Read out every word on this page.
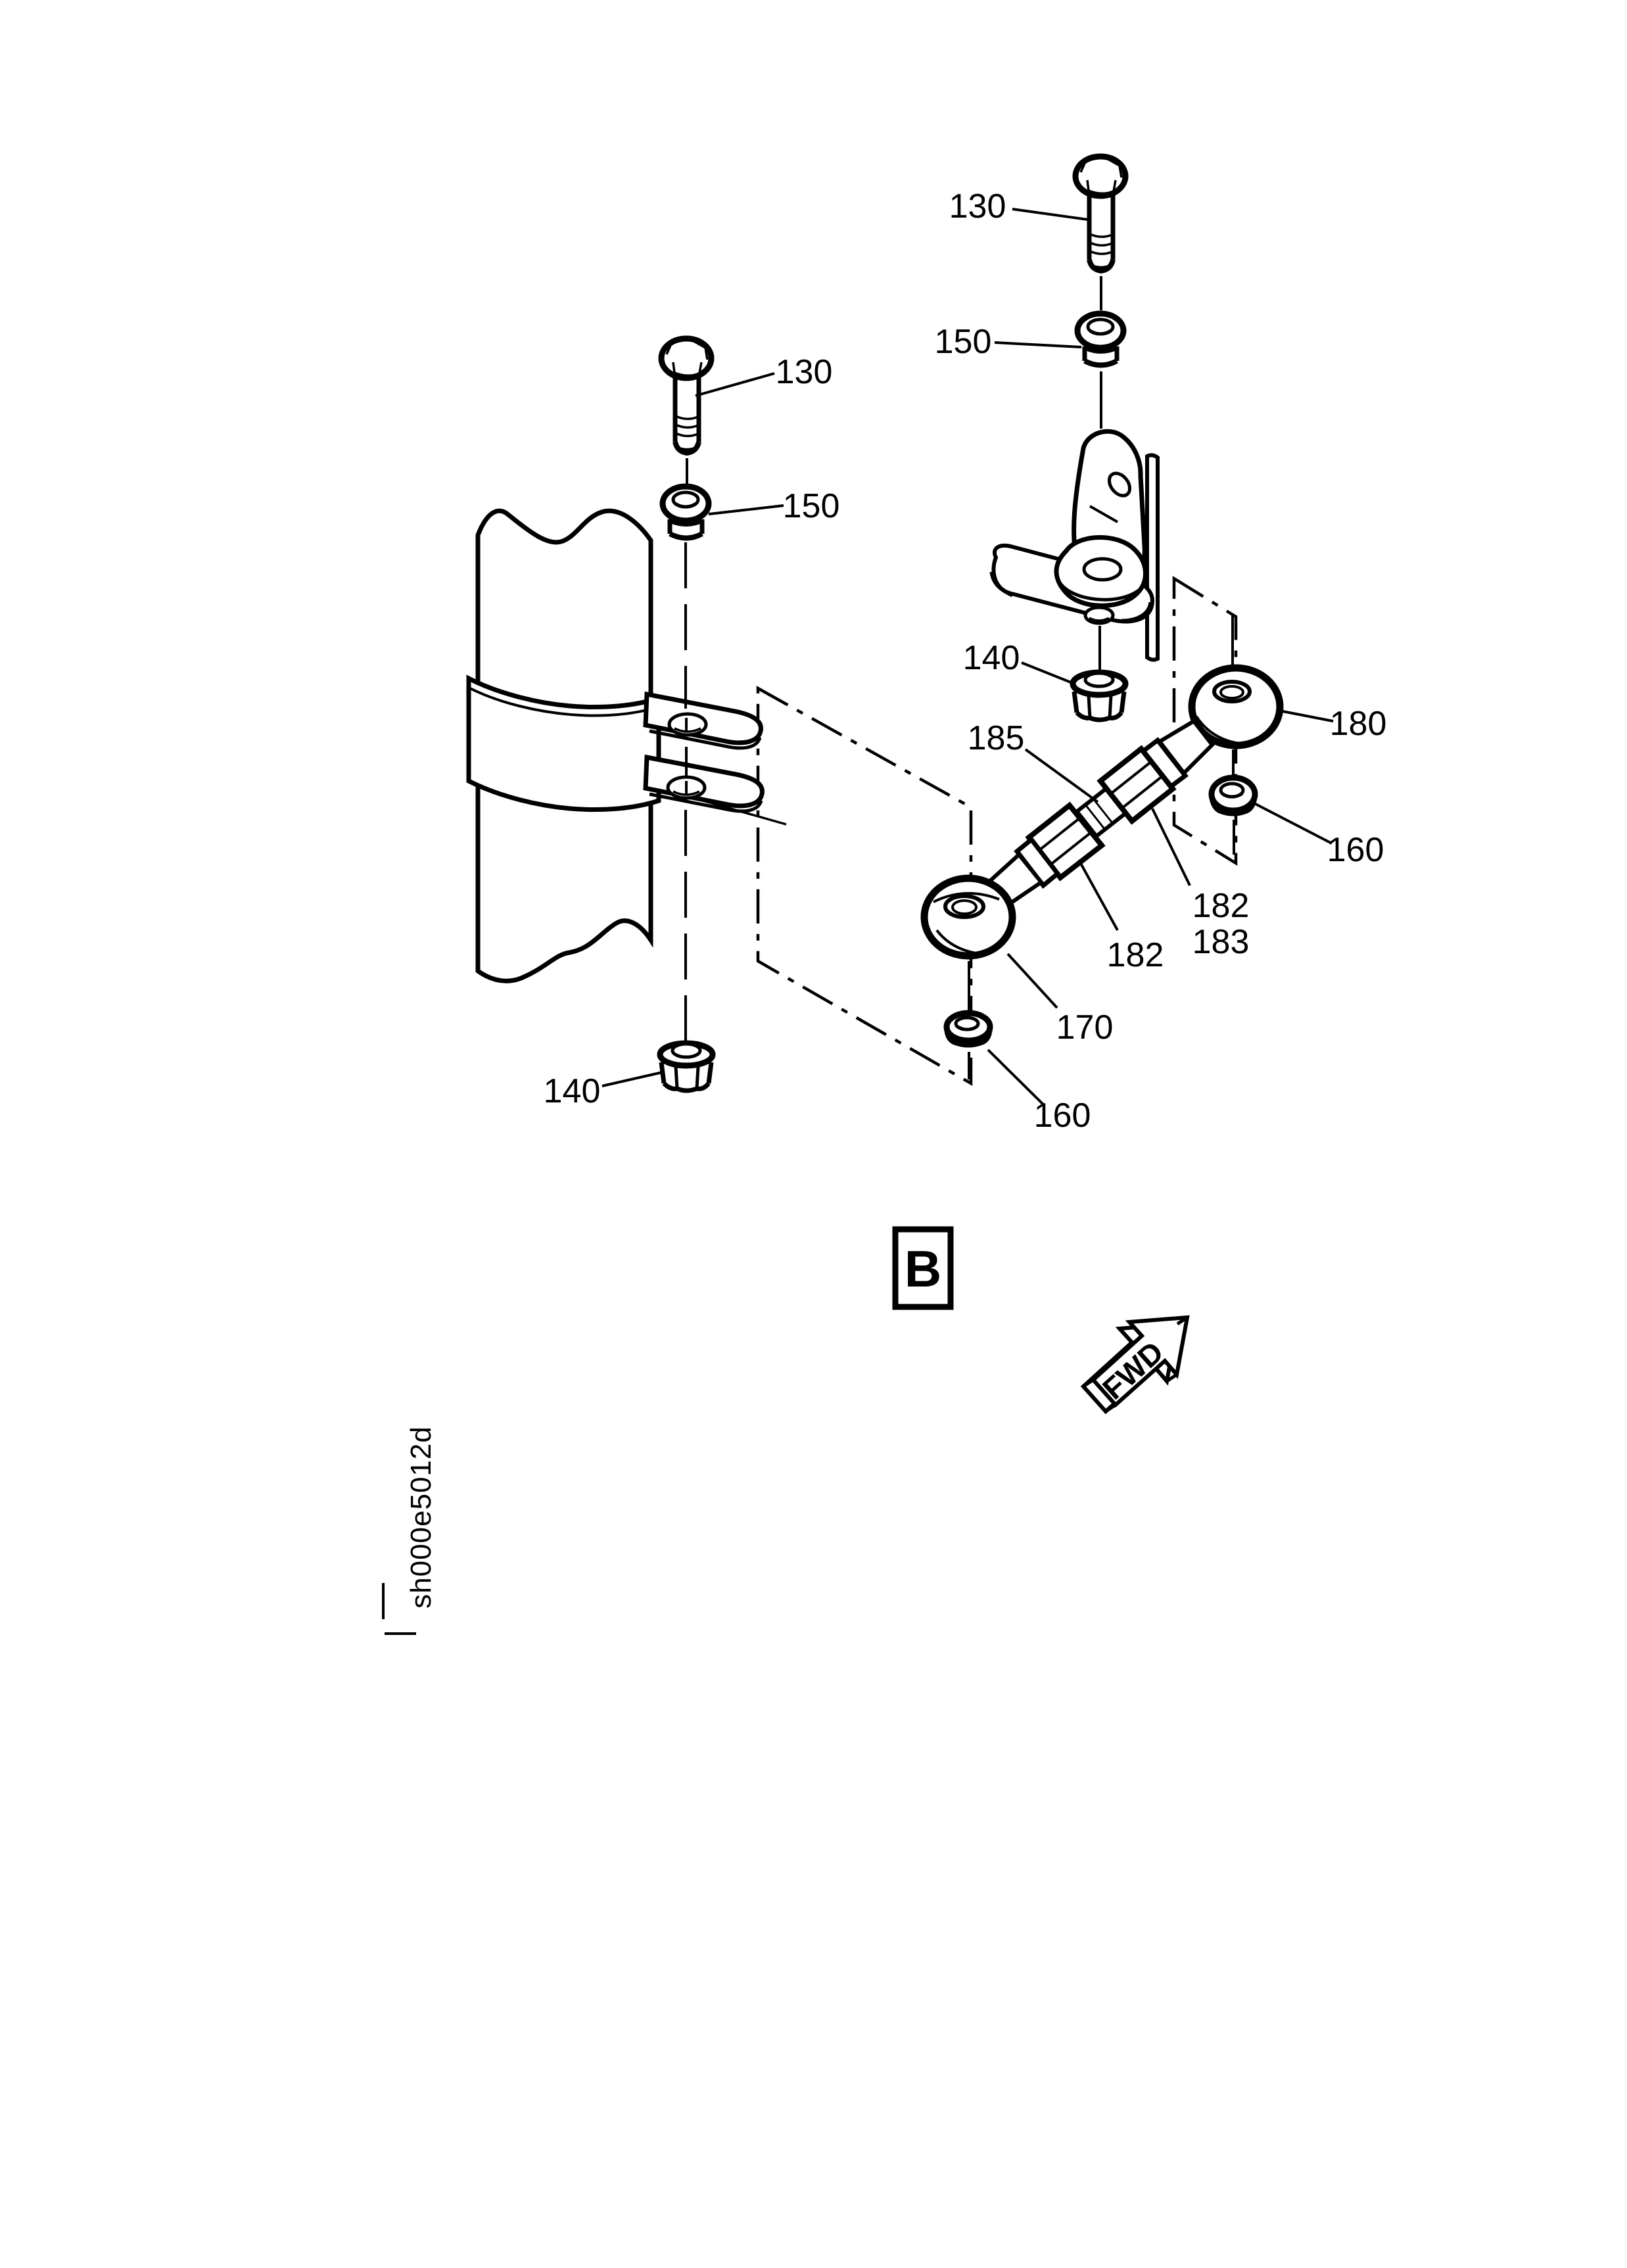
130
150
130
150
140
185	180
160
182
183
182
170
160
140
B
FWD
sh000e5012d
